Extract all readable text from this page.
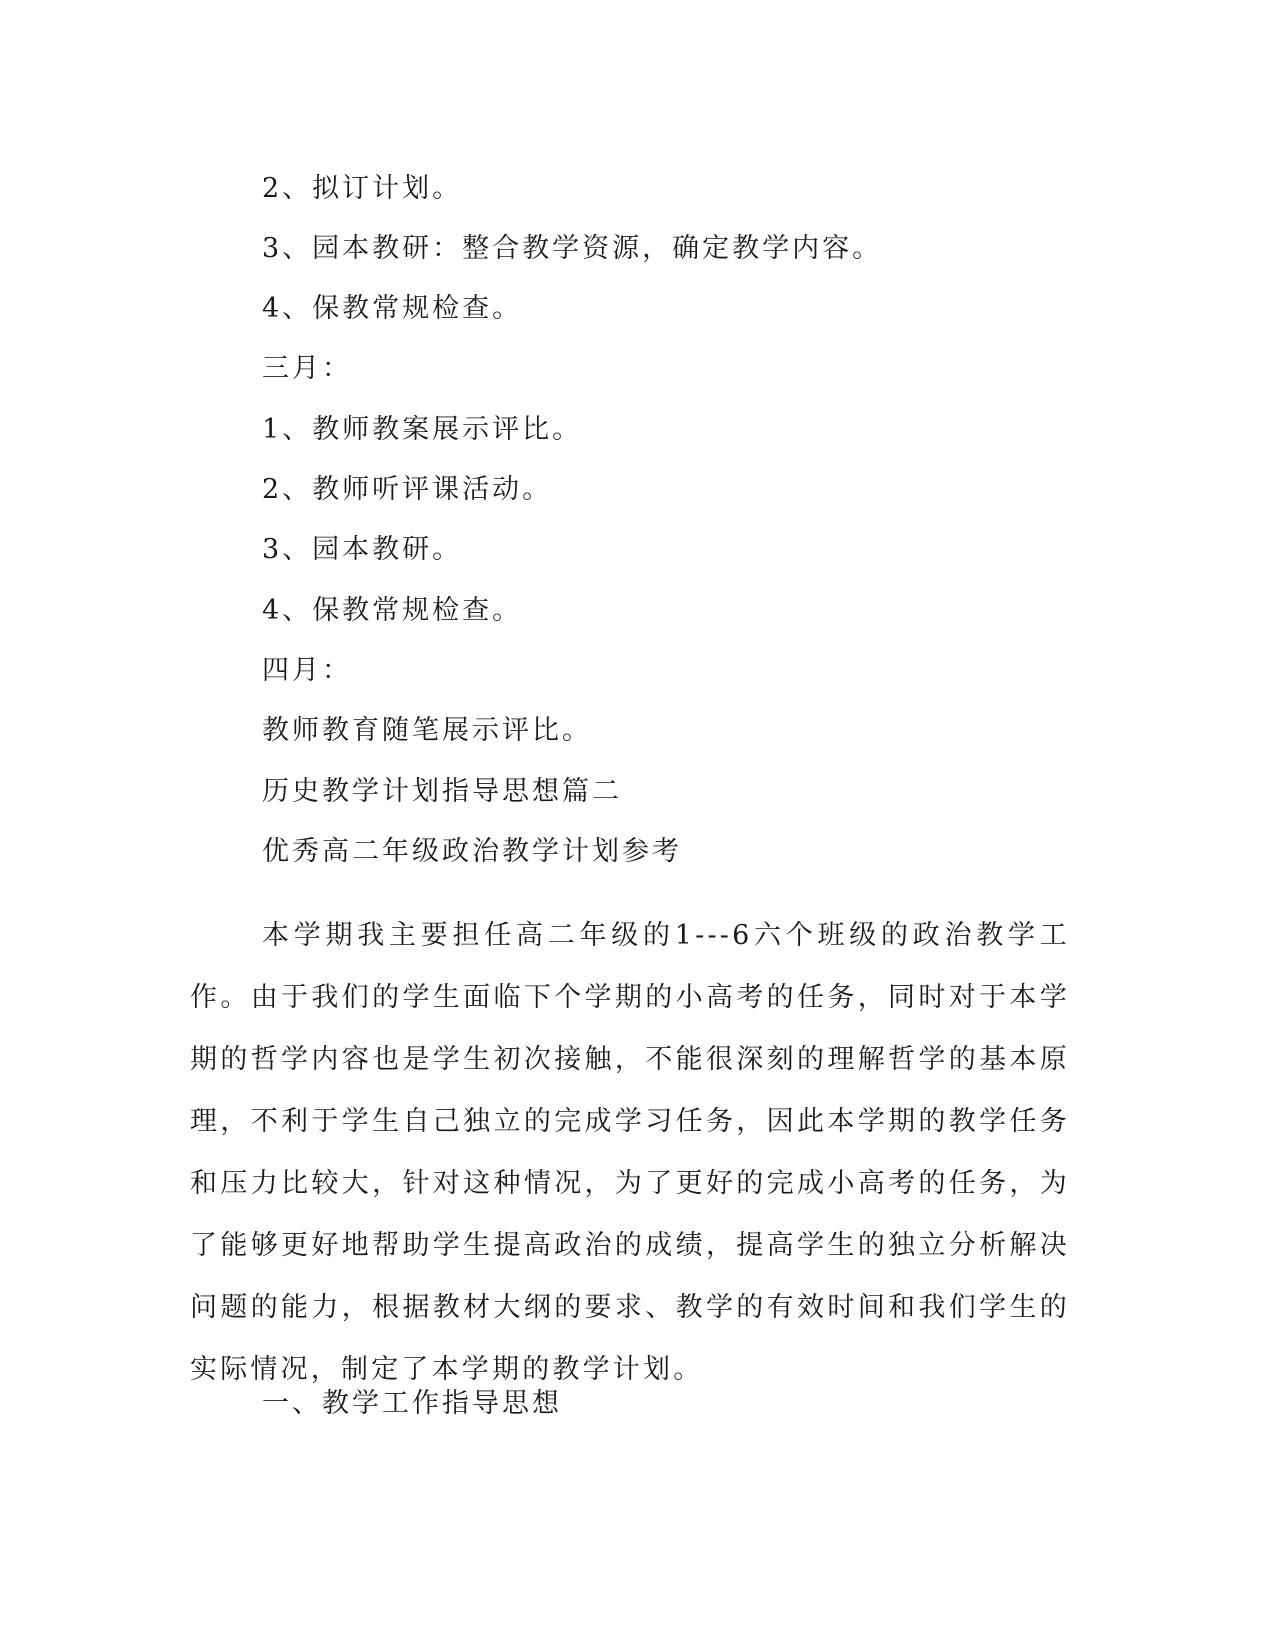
2、拟订计划。
3、园本教研：整合教学资源，确定教学内容。
4、保教常规检查。
三月：
1、教师教案展示评比。
2、教师听评课活动。
3、园本教研。
4、保教常规检查。
四月：
教师教育随笔展示评比。
历史教学计划指导思想篇二
优秀高二年级政治教学计划参考
本学期我主要担任高二年级的1---6六个班级的政治教学工作。由于我们的学生面临下个学期的小高考的任务，同时对于本学期的哲学内容也是学生初次接触，不能很深刻的理解哲学的基本原理，不利于学生自己独立的完成学习任务，因此本学期的教学任务和压力比较大，针对这种情况，为了更好的完成小高考的任务，为了能够更好地帮助学生提高政治的成绩，提高学生的独立分析解决问题的能力，根据教材大纲的要求、教学的有效时间和我们学生的实际情况，制定了本学期的教学计划。
一、教学工作指导思想
